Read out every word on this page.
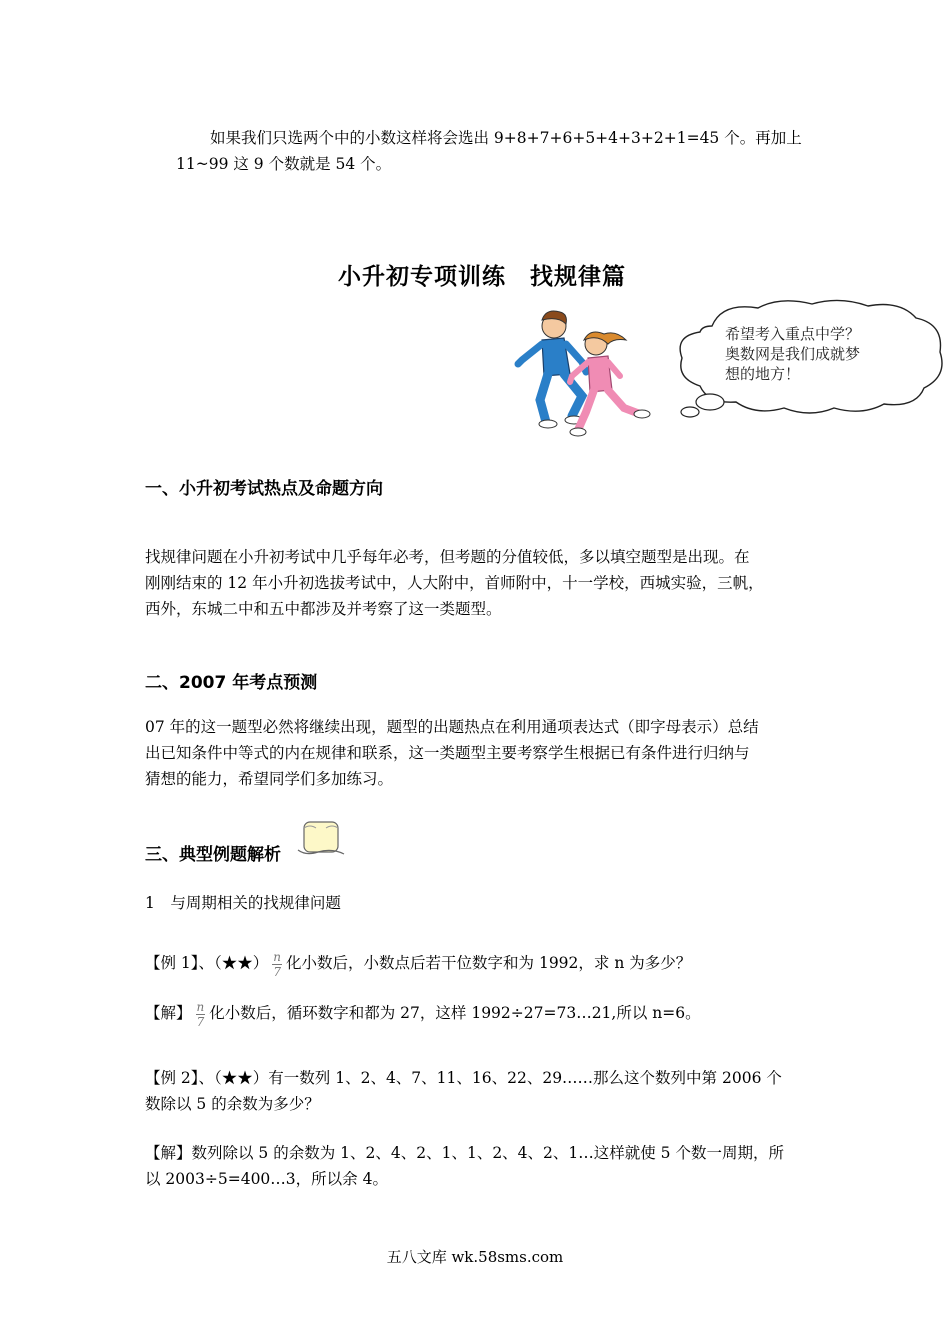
如果我们只选两个中的小数这样将会选出 9+8+7+6+5+4+3+2+1=45 个。再加上
11~99 这 9 个数就是 54 个。
小升初专项训练　找规律篇
希望考入重点中学？
奥数网是我们成就梦
想的地方！
一、小升初考试热点及命题方向
找规律问题在小升初考试中几乎每年必考，但考题的分值较低，多以填空题型是出现。在
刚刚结束的 12 年小升初选拔考试中，人大附中，首师附中，十一学校，西城实验，三帆，
西外，东城二中和五中都涉及并考察了这一类题型。
二、2007 年考点预测
07 年的这一题型必然将继续出现，题型的出题热点在利用通项表达式（即字母表示）总结
出已知条件中等式的内在规律和联系，这一类题型主要考察学生根据已有条件进行归纳与
猜想的能力，希望同学们多加练习。
三、典型例题解析
1　与周期相关的找规律问题
【例 1】、（★★） $\frac{n}{7}$ 化小数后，小数点后若干位数字和为 1992，求 n 为多少？
【解】 $\frac{n}{7}$ 化小数后，循环数字和都为 27，这样 1992÷27=73…21,所以 n=6。
【例 2】、（★★）有一数列 1、2、4、7、11、16、22、29……那么这个数列中第 2006 个
数除以 5 的余数为多少？
【解】数列除以 5 的余数为 1、2、4、2、1、1、2、4、2、1…这样就使 5 个数一周期，所
以 2003÷5=400…3，所以余 4。
五八文库 wk.58sms.com
